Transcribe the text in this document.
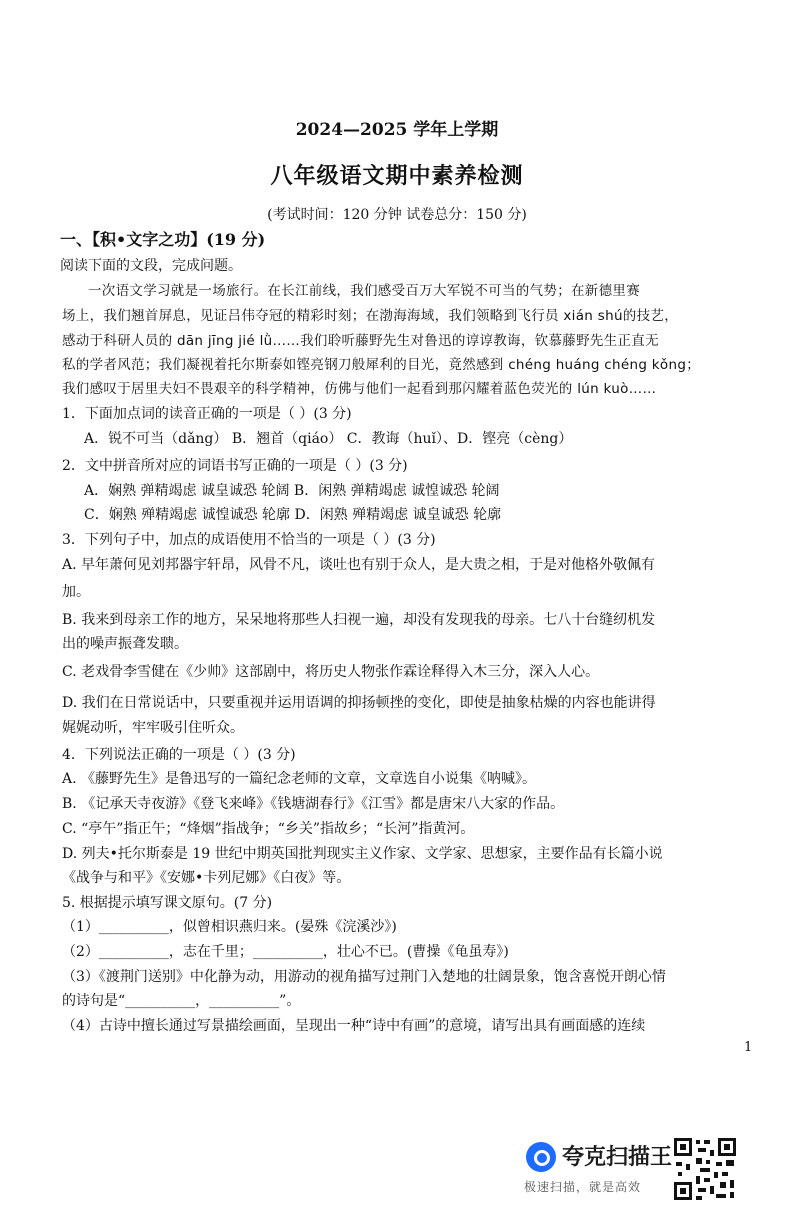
2024—2025 学年上学期
八年级语文期中素养检测
(考试时间：120 分钟 试卷总分：150 分)
一、【积•文字之功】(19 分)
阅读下面的文段，完成问题。
一次语文学习就是一场旅行。在长江前线，我们感受百万大军锐不可当的气势；在新德里赛
场上，我们翘首屏息，见证吕伟夺冠的精彩时刻；在渤海海域，我们领略到飞行员 xián shú的技艺，
感动于科研人员的 dān jīng jié lǜ……我们聆听藤野先生对鲁迅的谆谆教诲，钦慕藤野先生正直无
私的学者风范；我们凝视着托尔斯泰如铿亮钢刀般犀利的目光，竟然感到 chéng huáng chéng kǒng；
我们感叹于居里夫妇不畏艰辛的科学精神，仿佛与他们一起看到那闪耀着蓝色荧光的 lún kuò……
1．下面加点词的读音正确的一项是（ ）(3 分)
A．锐不可当（dǎng） B．翘首（qiáo） C．教诲（huǐ）、D．铿亮（cèng）
2．文中拼音所对应的词语书写正确的一项是（ ）(3 分)
A．娴熟 弹精竭虑 诚皇诚恐 轮阔 B．闲熟 弹精竭虑 诚惶诚恐 轮阔
C．娴熟 殚精竭虑 诚惶诚恐 轮廓 D．闲熟 殚精竭虑 诚皇诚恐 轮廓
3．下列句子中，加点的成语使用不恰当的一项是（ ）(3 分)
A. 早年萧何见刘邦器宇轩昂，风骨不凡，谈吐也有别于众人，是大贵之相，于是对他格外敬佩有
加。
B. 我来到母亲工作的地方，呆呆地将那些人扫视一遍，却没有发现我的母亲。七八十台缝纫机发
出的噪声振聋发聩。
C. 老戏骨李雪健在《少帅》这部剧中，将历史人物张作霖诠释得入木三分，深入人心。
D. 我们在日常说话中，只要重视并运用语调的抑扬顿挫的变化，即使是抽象枯燥的内容也能讲得
娓娓动听，牢牢吸引住听众。
4．下列说法正确的一项是（ ）(3 分)
A. 《藤野先生》是鲁迅写的一篇纪念老师的文章，文章选自小说集《呐喊》。
B. 《记承天寺夜游》《登飞来峰》《钱塘湖春行》《江雪》都是唐宋八大家的作品。
C. “亭午”指正午；“烽烟”指战争；“乡关”指故乡；“长河”指黄河。
D. 列夫•托尔斯泰是 19 世纪中期英国批判现实主义作家、文学家、思想家，主要作品有长篇小说
《战争与和平》《安娜•卡列尼娜》《白夜》等。
5. 根据提示填写课文原句。(7 分)
（1）__________，似曾相识燕归来。(晏殊《浣溪沙》)
（2）__________，志在千里；__________，壮心不已。(曹操《龟虽寿》)
（3）《渡荆门送别》中化静为动，用游动的视角描写过荆门入楚地的壮阔景象，饱含喜悦开朗心情
的诗句是“__________，__________”。
（4）古诗中擅长通过写景描绘画面，呈现出一种“诗中有画”的意境，请写出具有画面感的连续
1
夸克扫描王
极速扫描，就是高效
